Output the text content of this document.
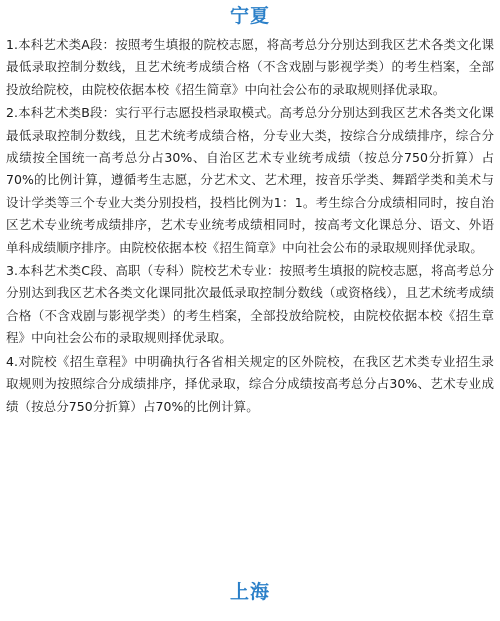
宁夏

1.本科艺术类A段：按照考生填报的院校志愿，将高考总分分别达到我区艺术各类文化课最低录取控制分数线，且艺术统考成绩合格（不含戏剧与影视学类）的考生档案，全部投放给院校，由院校依据本校《招生简章》中向社会公布的录取规则择优录取。

2.本科艺术类B段：实行平行志愿投档录取模式。高考总分分别达到我区艺术各类文化课最低录取控制分数线，且艺术统考成绩合格，分专业大类，按综合分成绩排序，综合分成绩按全国统一高考总分占30%、自治区艺术专业统考成绩（按总分750分折算）占70%的比例计算，遵循考生志愿，分艺术文、艺术理，按音乐学类、舞蹈学类和美术与设计学类等三个专业大类分别投档，投档比例为1：1。考生综合分成绩相同时，按自治区艺术专业统考成绩排序，艺术专业统考成绩相同时，按高考文化课总分、语文、外语单科成绩顺序排序。由院校依据本校《招生简章》中向社会公布的录取规则择优录取。

3.本科艺术类C段、高职（专科）院校艺术专业：按照考生填报的院校志愿，将高考总分分别达到我区艺术各类文化课同批次最低录取控制分数线（或资格线），且艺术统考成绩合格（不含戏剧与影视学类）的考生档案，全部投放给院校，由院校依据本校《招生章程》中向社会公布的录取规则择优录取。

4.对院校《招生章程》中明确执行各省相关规定的区外院校，在我区艺术类专业招生录取规则为按照综合分成绩排序，择优录取，综合分成绩按高考总分占30%、艺术专业成绩（按总分750分折算）占70%的比例计算。

上海
